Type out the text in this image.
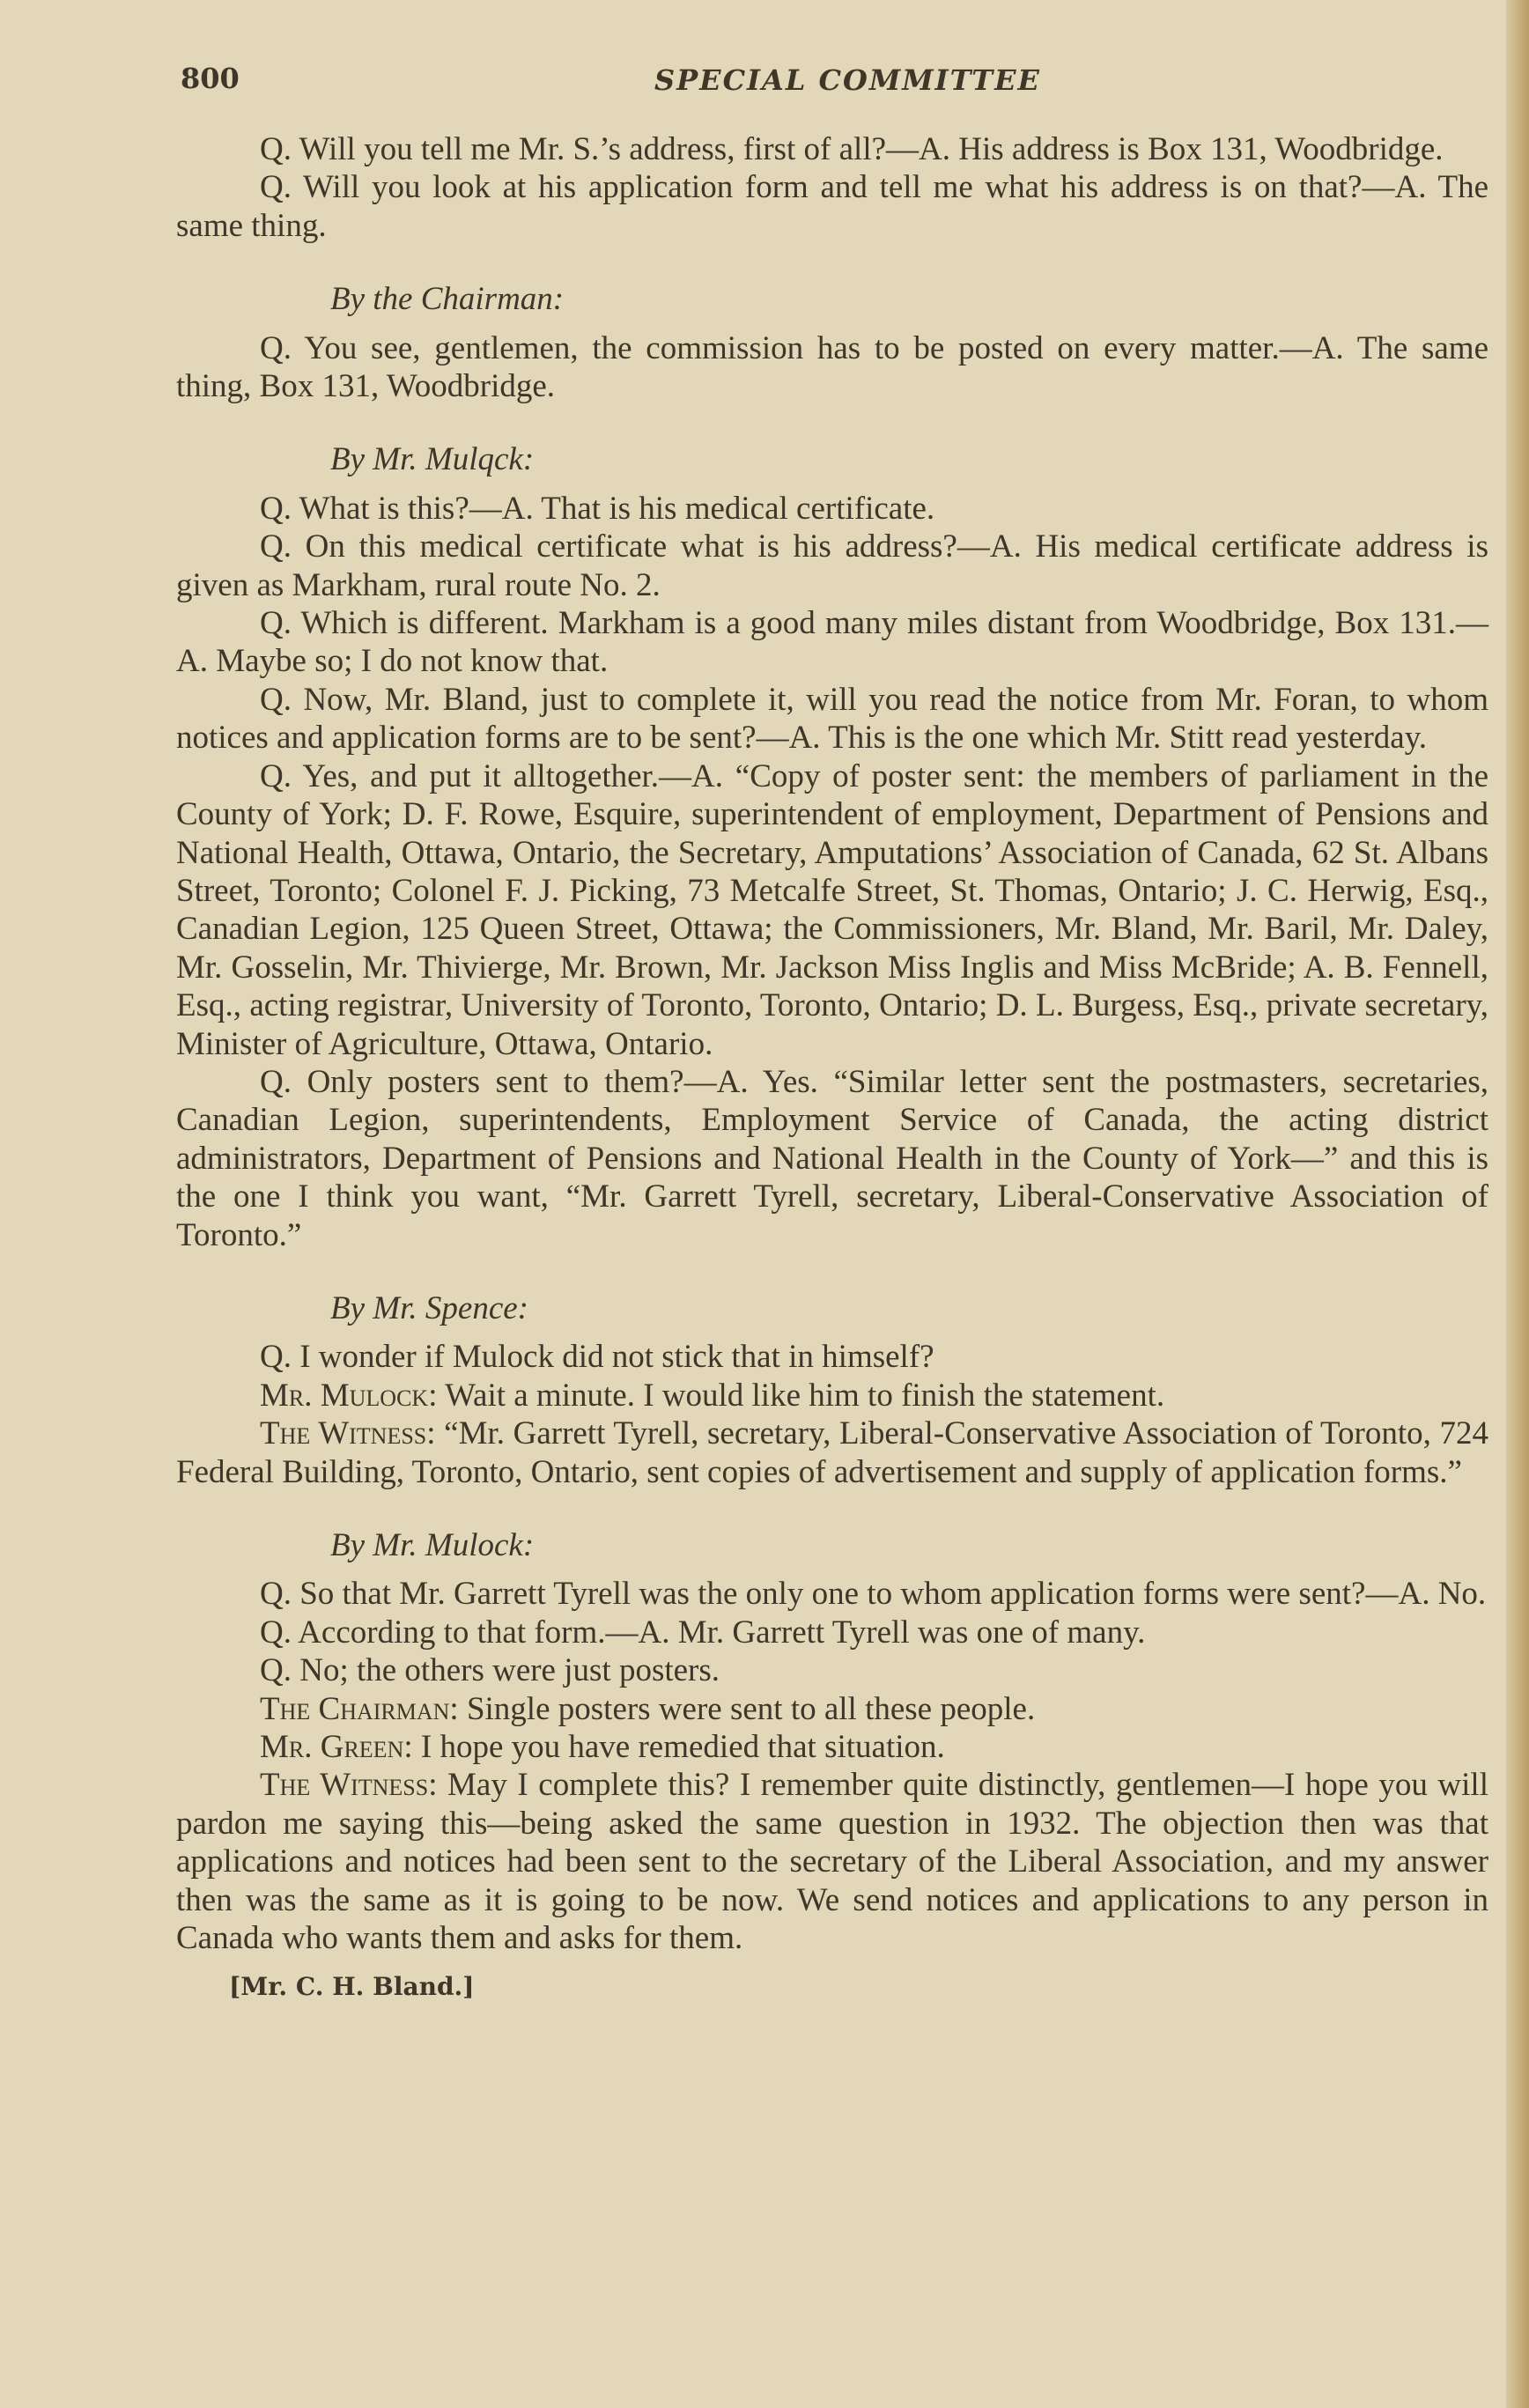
800	SPECIAL COMMITTEE

Q. Will you tell me Mr. S.’s address, first of all?—A. His address is Box 131, Woodbridge.

Q. Will you look at his application form and tell me what his address is on that?—A. The same thing.

By the Chairman:

Q. You see, gentlemen, the commission has to be posted on every matter.—A. The same thing, Box 131, Woodbridge.

By Mr. Mulqck:

Q. What is this?—A. That is his medical certificate.

Q. On this medical certificate what is his address?—A. His medical certificate address is given as Markham, rural route No. 2.

Q. Which is different. Markham is a good many miles distant from Woodbridge, Box 131.—A. Maybe so; I do not know that.

Q. Now, Mr. Bland, just to complete it, will you read the notice from Mr. Foran, to whom notices and application forms are to be sent?—A. This is the one which Mr. Stitt read yesterday.

Q. Yes, and put it alltogether.—A. “Copy of poster sent: the members of parliament in the County of York; D. F. Rowe, Esquire, superintendent of employment, Department of Pensions and National Health, Ottawa, Ontario, the Secretary, Amputations’ Association of Canada, 62 St. Albans Street, Toronto; Colonel F. J. Picking, 73 Metcalfe Street, St. Thomas, Ontario; J. C. Herwig, Esq., Canadian Legion, 125 Queen Street, Ottawa; the Commissioners, Mr. Bland, Mr. Baril, Mr. Daley, Mr. Gosselin, Mr. Thivierge, Mr. Brown, Mr. Jackson Miss Inglis and Miss McBride; A. B. Fennell, Esq., acting registrar, University of Toronto, Toronto, Ontario; D. L. Burgess, Esq., private secretary, Minister of Agriculture, Ottawa, Ontario.

Q. Only posters sent to them?—A. Yes. “Similar letter sent the postmasters, secretaries, Canadian Legion, superintendents, Employment Service of Canada, the acting district administrators, Department of Pensions and National Health in the County of York—” and this is the one I think you want, “Mr. Garrett Tyrell, secretary, Liberal-Conservative Association of Toronto.”

By Mr. Spence:

Q. I wonder if Mulock did not stick that in himself?

Mr. Mulock: Wait a minute. I would like him to finish the statement.

The Witness: “Mr. Garrett Tyrell, secretary, Liberal-Conservative Association of Toronto, 724 Federal Building, Toronto, Ontario, sent copies of advertisement and supply of application forms.”

By Mr. Mulock:

Q. So that Mr. Garrett Tyrell was the only one to whom application forms were sent?—A. No.

Q. According to that form.—A. Mr. Garrett Tyrell was one of many.

Q. No; the others were just posters.

The Chairman: Single posters were sent to all these people.

Mr. Green: I hope you have remedied that situation.

The Witness: May I complete this? I remember quite distinctly, gentlemen—I hope you will pardon me saying this—being asked the same question in 1932. The objection then was that applications and notices had been sent to the secretary of the Liberal Association, and my answer then was the same as it is going to be now. We send notices and applications to any person in Canada who wants them and asks for them.

[Mr. C. H. Bland.]
